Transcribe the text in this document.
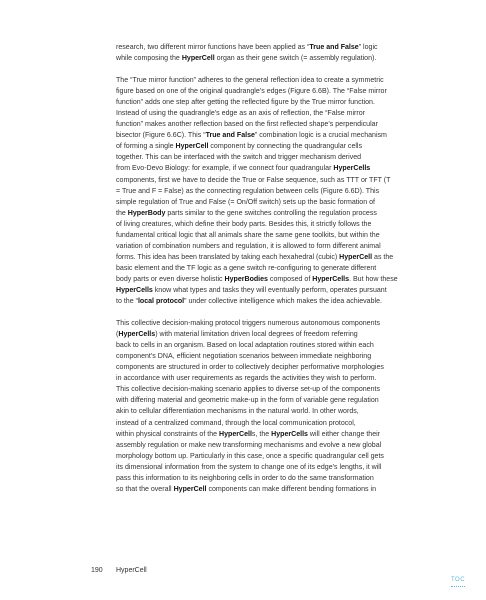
research, two different mirror functions have been applied as “True and False” logic
while composing the HyperCell organ as their gene switch (= assembly regulation).

The “True mirror function” adheres to the general reflection idea to create a symmetric
figure based on one of the original quadrangle’s edges (Figure 6.6B). The “False mirror
function” adds one step after getting the reflected figure by the True mirror function.
Instead of using the quadrangle’s edge as an axis of reflection, the “False mirror
function” makes another reflection based on the first reflected shape’s perpendicular
bisector (Figure 6.6C). This “True and False” combination logic is a crucial mechanism
of forming a single HyperCell component by connecting the quadrangular cells
together. This can be interfaced with the switch and trigger mechanism derived
from Evo-Devo Biology: for example, if we connect four quadrangular HyperCells
components, first we have to decide the True or False sequence, such as TTT or TFT (T
= True and F = False) as the connecting regulation between cells (Figure 6.6D). This
simple regulation of True and False (= On/Off switch) sets up the basic formation of
the HyperBody parts similar to the gene switches controlling the regulation process
of living creatures, which define their body parts. Besides this, it strictly follows the
fundamental critical logic that all animals share the same gene toolkits, but within the
variation of combination numbers and regulation, it is allowed to form different animal
forms. This idea has been translated by taking each hexahedral (cubic) HyperCell as the
basic element and the TF logic as a gene switch re-configuring to generate different
body parts or even diverse holistic HyperBodies composed of HyperCells. But how these
HyperCells know what types and tasks they will eventually perform, operates pursuant
to the “local protocol” under collective intelligence which makes the idea achievable.

This collective decision-making protocol triggers numerous autonomous components
(HyperCells) with material limitation driven local degrees of freedom referring
back to cells in an organism. Based on local adaptation routines stored within each
component’s DNA, efficient negotiation scenarios between immediate neighboring
components are structured in order to collectively decipher performative morphologies
in accordance with user requirements as regards the activities they wish to perform.
This collective decision-making scenario applies to diverse set-up of the components
with differing material and geometric make-up in the form of variable gene regulation
akin to cellular differentiation mechanisms in the natural world. In other words,
instead of a centralized command, through the local communication protocol,
within physical constraints of the HyperCells, the HyperCells will either change their
assembly regulation or make new transforming mechanisms and evolve a new global
morphology bottom up. Particularly in this case, once a specific quadrangular cell gets
its dimensional information from the system to change one of its edge’s lengths, it will
pass this information to its neighboring cells in order to do the same transformation
so that the overall HyperCell components can make different bending formations in

190 HyperCell
TOC
